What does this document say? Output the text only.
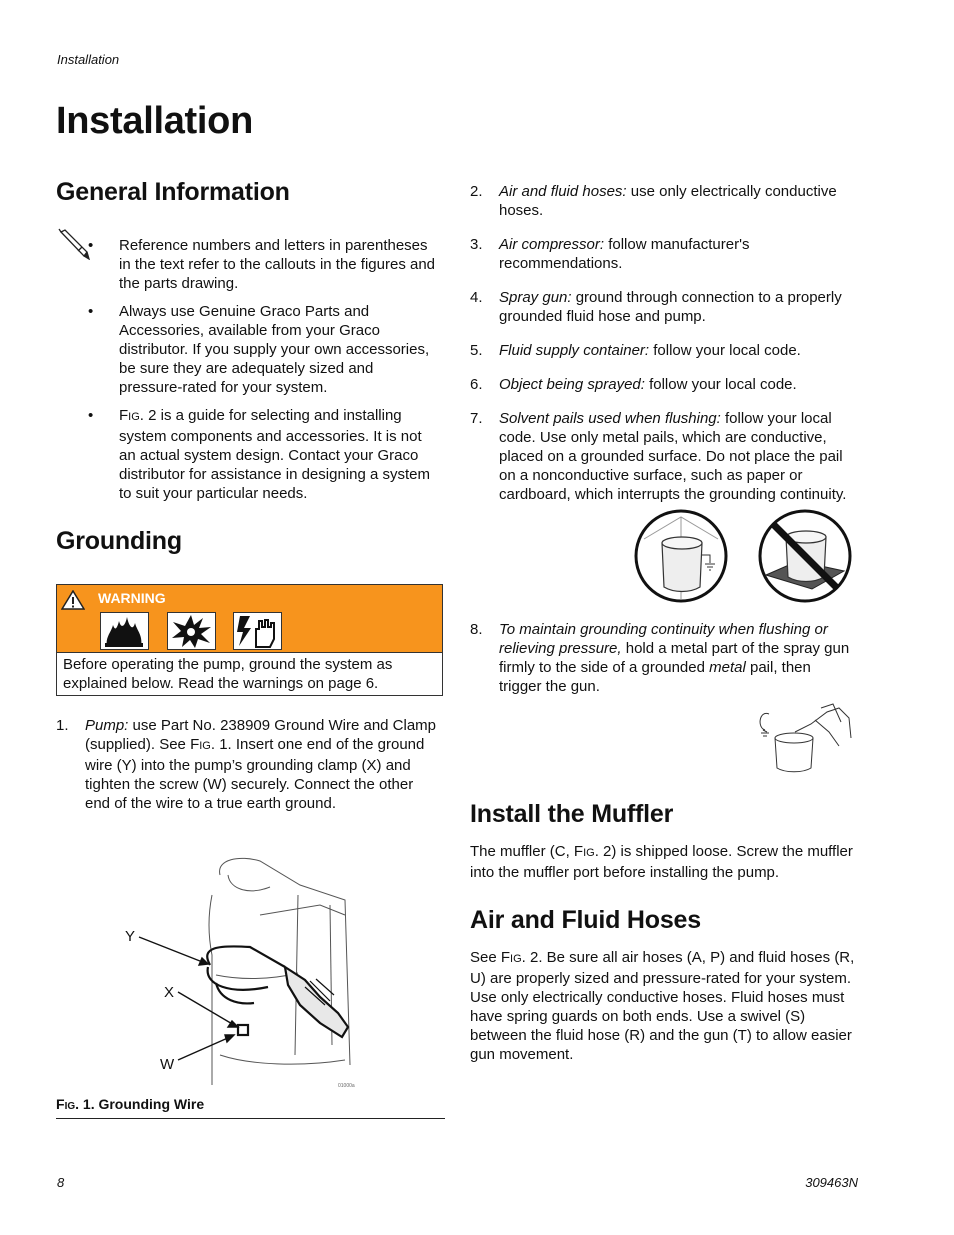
Installation
Installation
General Information
• Reference numbers and letters in parentheses in the text refer to the callouts in the figures and the parts drawing.
• Always use Genuine Graco Parts and Accessories, available from your Graco distributor. If you supply your own accessories, be sure they are adequately sized and pressure-rated for your system.
• FIG. 2 is a guide for selecting and installing system components and accessories. It is not an actual system design. Contact your Graco distributor for assistance in designing a system to suit your particular needs.
Grounding
WARNING
Before operating the pump, ground the system as explained below. Read the warnings on page 6.
1. Pump: use Part No. 238909 Ground Wire and Clamp (supplied). See FIG. 1. Insert one end of the ground wire (Y) into the pump’s grounding clamp (X) and tighten the screw (W) securely. Connect the other end of the wire to a true earth ground.
01000a
Y
X
W
FIG. 1. Grounding Wire
2. Air and fluid hoses: use only electrically conductive hoses.
3. Air compressor: follow manufacturer's recommendations.
4. Spray gun: ground through connection to a properly grounded fluid hose and pump.
5. Fluid supply container: follow your local code.
6. Object being sprayed: follow your local code.
7. Solvent pails used when flushing: follow your local code. Use only metal pails, which are conductive, placed on a grounded surface. Do not place the pail on a nonconductive surface, such as paper or cardboard, which interrupts the grounding continuity.
8. To maintain grounding continuity when flushing or relieving pressure, hold a metal part of the spray gun firmly to the side of a grounded metal pail, then trigger the gun.
Install the Muffler
The muffler (C, FIG. 2) is shipped loose. Screw the muffler into the muffler port before installing the pump.
Air and Fluid Hoses
See FIG. 2. Be sure all air hoses (A, P) and fluid hoses (R, U) are properly sized and pressure-rated for your system. Use only electrically conductive hoses. Fluid hoses must have spring guards on both ends. Use a swivel (S) between the fluid hose (R) and the gun (T) to allow easier gun movement.
8	309463N
